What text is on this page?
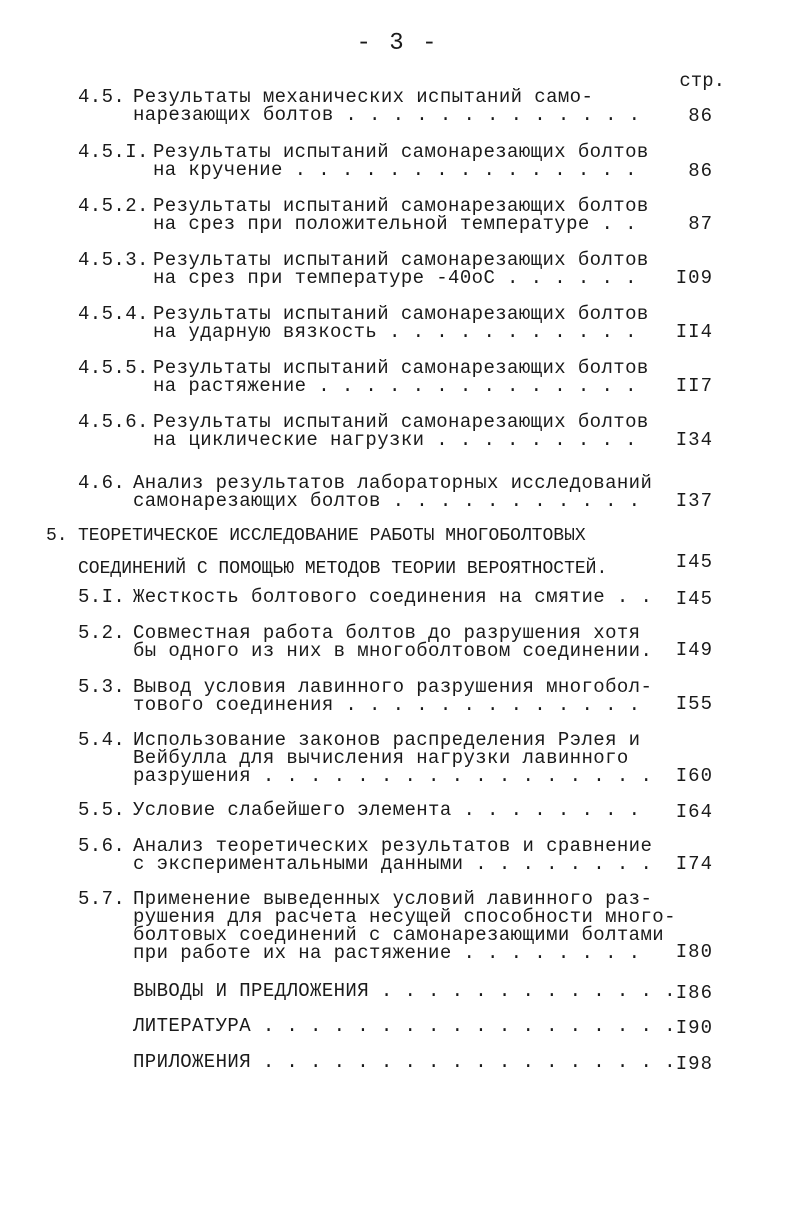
- 3 -
стр.
4.5. Результаты механических испытаний само-
нарезающих болтов . . . . . . . . . . . . .	86
4.5.I. Результаты испытаний самонарезающих болтов
на кручение . . . . . . . . . . . . . . .	86
4.5.2. Результаты испытаний самонарезающих болтов
на срез при положительной температуре . .	87
4.5.3. Результаты испытаний самонарезающих болтов
на срез при температуре -40оС . . . . . .	I09
4.5.4. Результаты испытаний самонарезающих болтов
на ударную вязкость . . . . . . . . . . .	II4
4.5.5. Результаты испытаний самонарезающих болтов
на растяжение . . . . . . . . . . . . . .	II7
4.5.6. Результаты испытаний самонарезающих болтов
на циклические нагрузки . . . . . . . . .	I34
4.6. Анализ результатов лабораторных исследований
самонарезающих болтов . . . . . . . . . . .	I37
5. ТЕОРЕТИЧЕСКОЕ ИССЛЕДОВАНИЕ РАБОТЫ МНОГОБОЛТОВЫХ
СОЕДИНЕНИЙ С ПОМОЩЬЮ МЕТОДОВ ТЕОРИИ ВЕРОЯТНОСТЕЙ.	I45
5.I. Жесткость болтового соединения на смятие . . I45
5.2. Совместная работа болтов до разрушения хотя
бы одного из них в многоболтовом соединении. I49
5.3. Вывод условия лавинного разрушения многобол-
тового соединения . . . . . . . . . . . . .	I55
5.4. Использование законов распределения Рэлея и
Вейбулла для вычисления нагрузки лавинного
разрушения . . . . . . . . . . . . . . . . . I60
5.5. Условие слабейшего элемента . . . . . . . . I64
5.6. Анализ теоретических результатов и сравнение
с экспериментальными данными . . . . . . . . I74
5.7. Применение выведенных условий лавинного раз-
рушения для расчета несущей способности много-
болтовых соединений с самонарезающими болтами
при работе их на растяжение . . . . . . . .	I80
ВЫВОДЫ И ПРЕДЛОЖЕНИЯ . . . . . . . . . . . . . I86
ЛИТЕРАТУРА . . . . . . . . . . . . . . . . . . I90
ПРИЛОЖЕНИЯ . . . . . . . . . . . . . . . . . . I98
